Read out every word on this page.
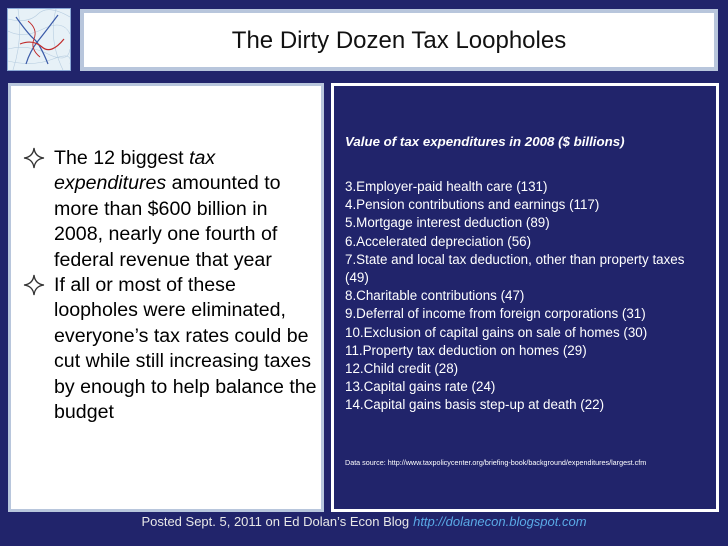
The Dirty Dozen Tax Loopholes
The 12 biggest tax expenditures amounted to more than $600 billion in 2008, nearly one fourth of federal revenue that year
If all or most of these loopholes were eliminated, everyone’s tax rates could be cut while still increasing taxes by enough to help balance the budget
Value of tax expenditures in 2008 ($ billions)
3.Employer-paid health care (131)
4.Pension contributions and earnings (117)
5.Mortgage interest deduction (89)
6.Accelerated depreciation (56)
7.State and local tax deduction, other than property taxes (49)
8.Charitable contributions (47)
9.Deferral of income from foreign corporations (31)
10.Exclusion of capital gains on sale of homes (30)
11.Property tax deduction on homes (29)
12.Child credit (28)
13.Capital gains rate (24)
14.Capital gains basis step-up at death (22)
Data source: http://www.taxpolicycenter.org/briefing-book/background/expenditures/largest.cfm
Posted Sept. 5, 2011 on Ed Dolan’s Econ Blog http://dolanecon.blogspot.com
